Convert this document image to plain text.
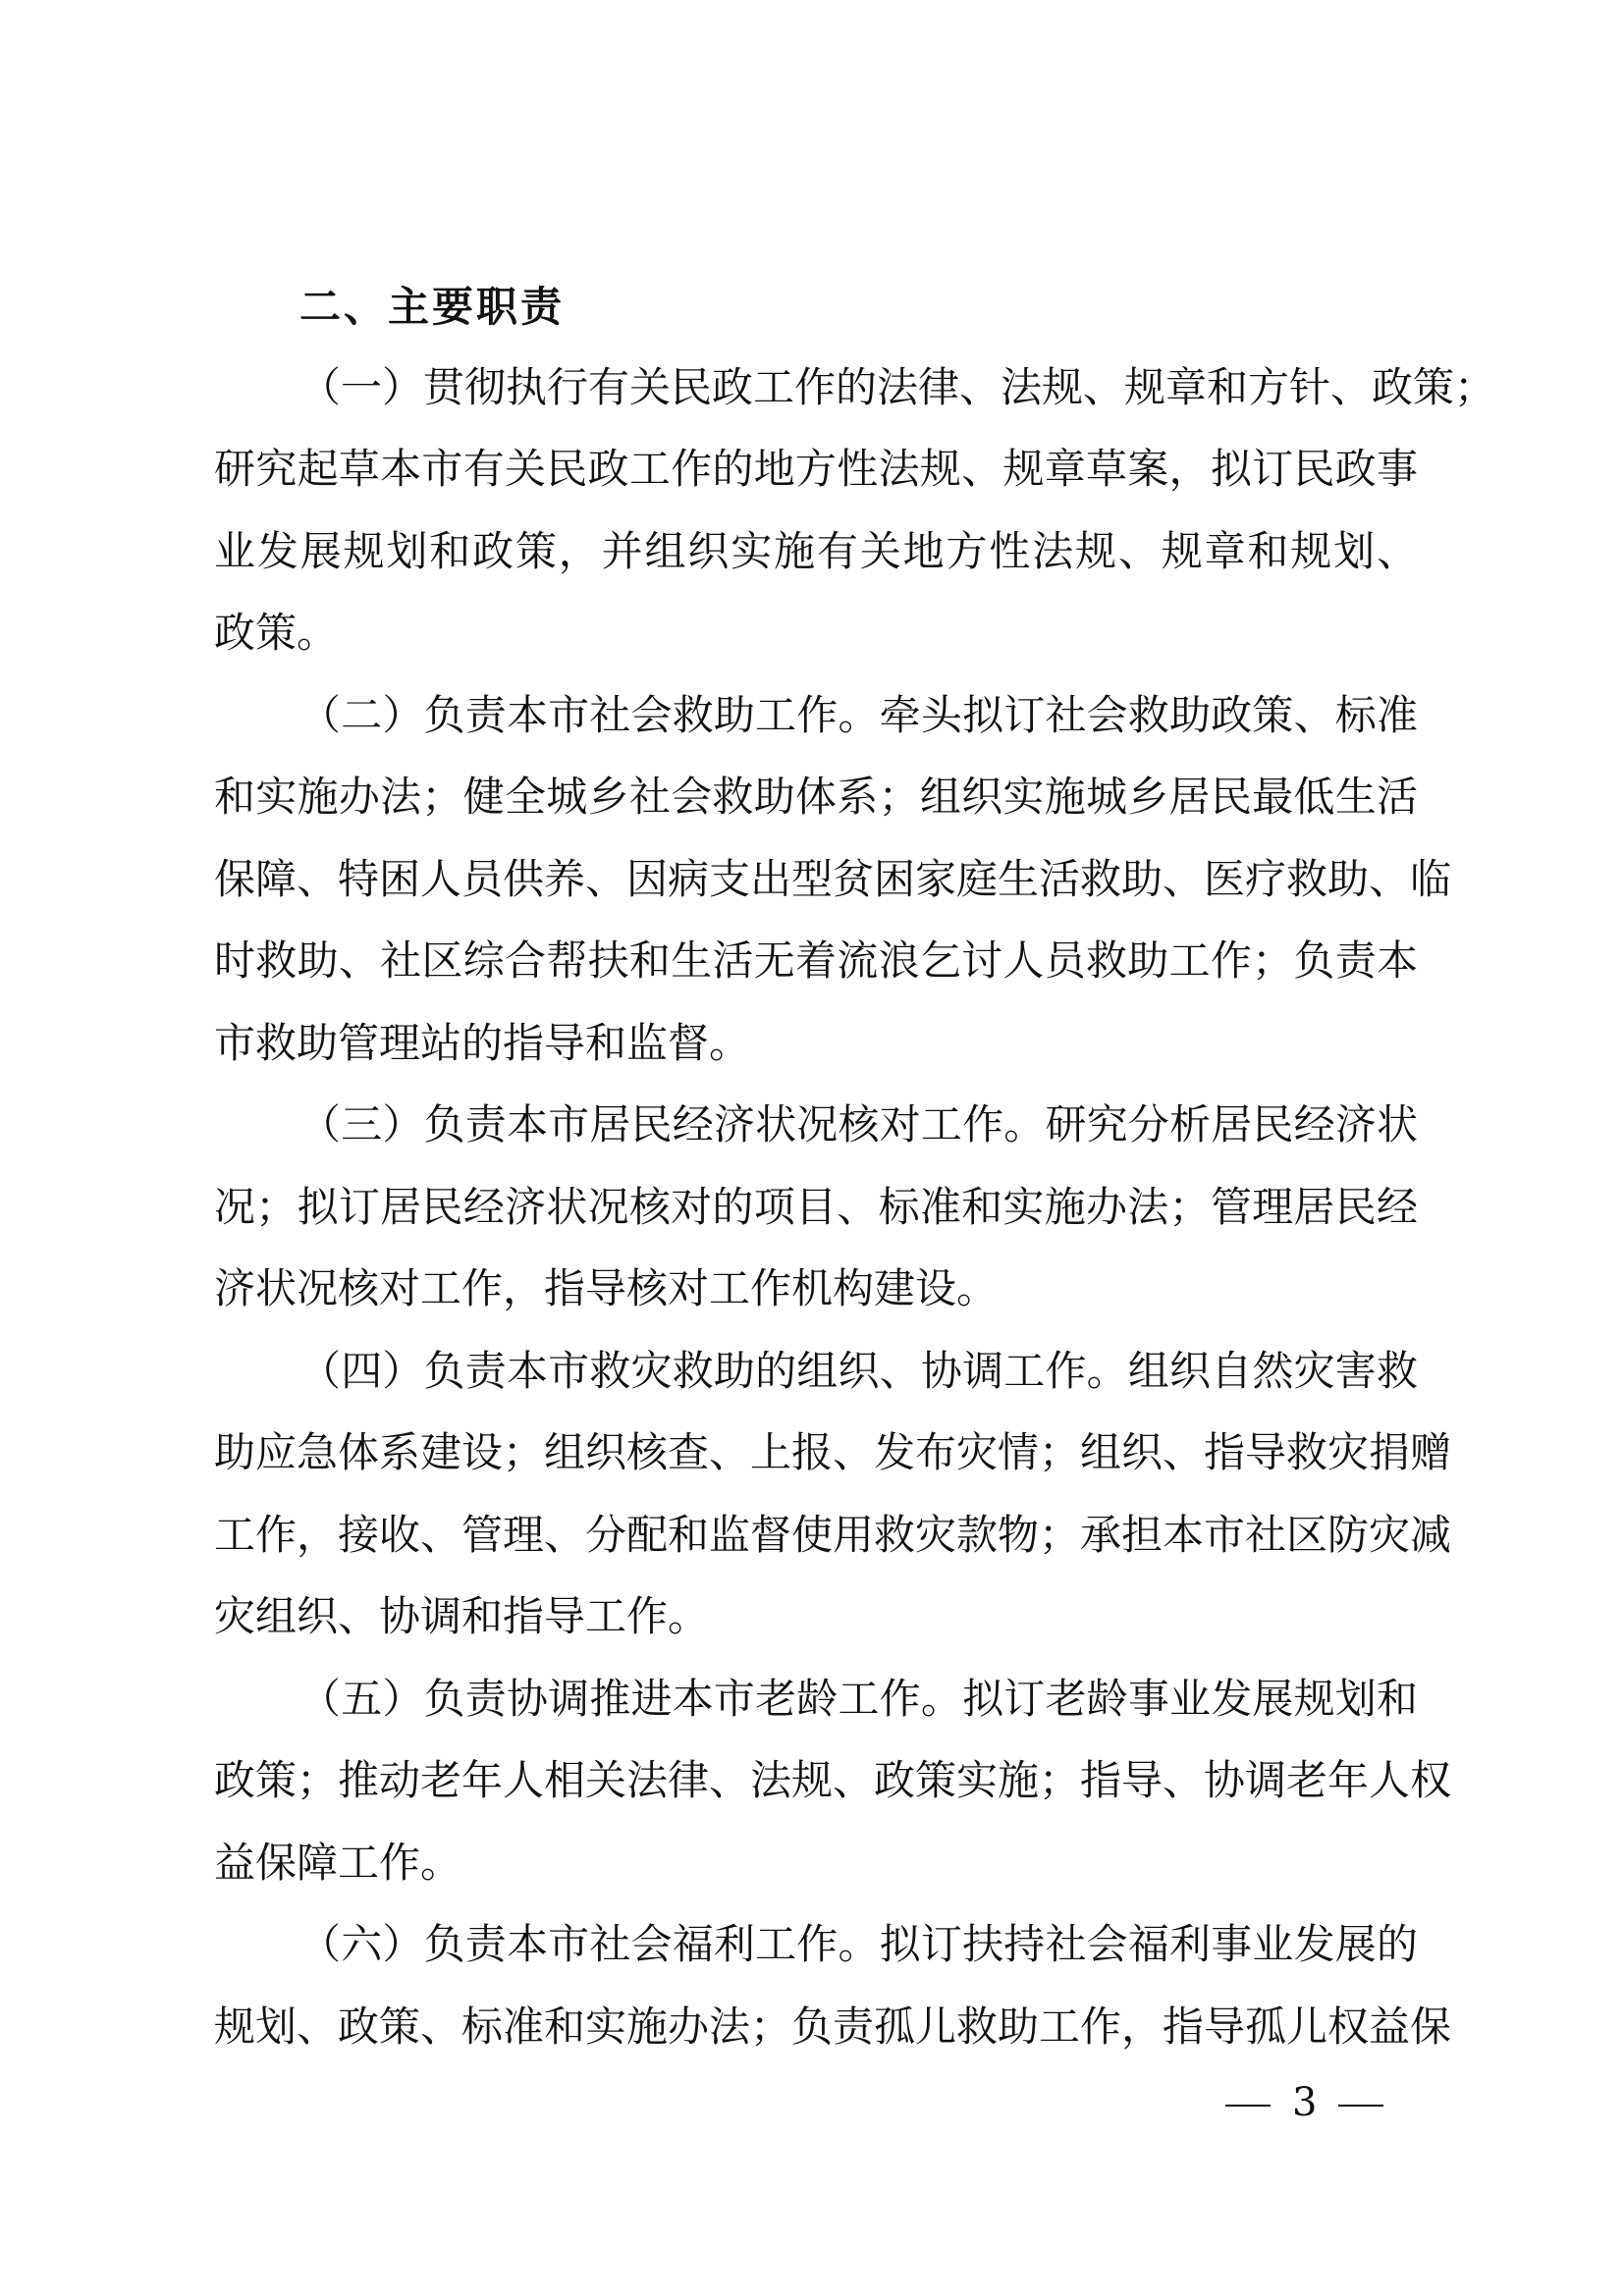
二、主要职责
（一）贯彻执行有关民政工作的法律、法规、规章和方针、政策；
研究起草本市有关民政工作的地方性法规、规章草案，拟订民政事
业发展规划和政策，并组织实施有关地方性法规、规章和规划、
政策。
（二）负责本市社会救助工作。牵头拟订社会救助政策、标准
和实施办法；健全城乡社会救助体系；组织实施城乡居民最低生活
保障、特困人员供养、因病支出型贫困家庭生活救助、医疗救助、临
时救助、社区综合帮扶和生活无着流浪乞讨人员救助工作；负责本
市救助管理站的指导和监督。
（三）负责本市居民经济状况核对工作。研究分析居民经济状
况；拟订居民经济状况核对的项目、标准和实施办法；管理居民经
济状况核对工作，指导核对工作机构建设。
（四）负责本市救灾救助的组织、协调工作。组织自然灾害救
助应急体系建设；组织核查、上报、发布灾情；组织、指导救灾捐赠
工作，接收、管理、分配和监督使用救灾款物；承担本市社区防灾减
灾组织、协调和指导工作。
（五）负责协调推进本市老龄工作。拟订老龄事业发展规划和
政策；推动老年人相关法律、法规、政策实施；指导、协调老年人权
益保障工作。
（六）负责本市社会福利工作。拟订扶持社会福利事业发展的
规划、政策、标准和实施办法；负责孤儿救助工作，指导孤儿权益保
3
